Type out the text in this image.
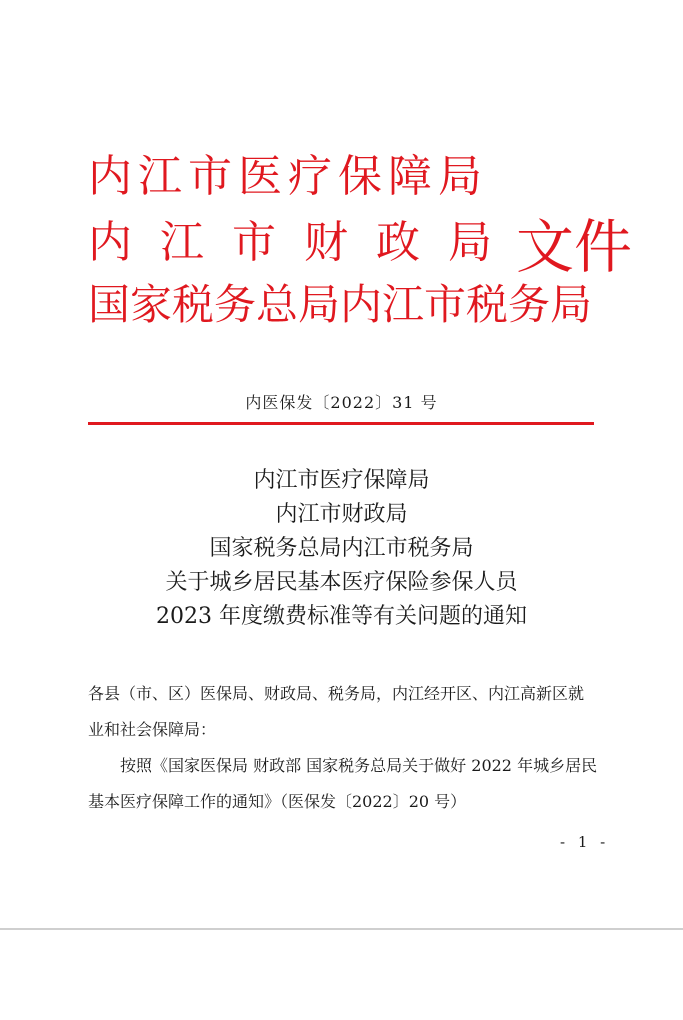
内江市医疗保障局
内江市财政局
国家税务总局内江市税务局
文件
内医保发〔2022〕31 号
内江市医疗保障局
内江市财政局
国家税务总局内江市税务局
关于城乡居民基本医疗保险参保人员
2023 年度缴费标准等有关问题的通知

各县（市、区）医保局、财政局、税务局，内江经开区、内江高新区就业和社会保障局：

按照《国家医保局 财政部 国家税务总局关于做好 2022 年城乡居民基本医疗保障工作的通知》（医保发〔2022〕20 号）

- 1 -
